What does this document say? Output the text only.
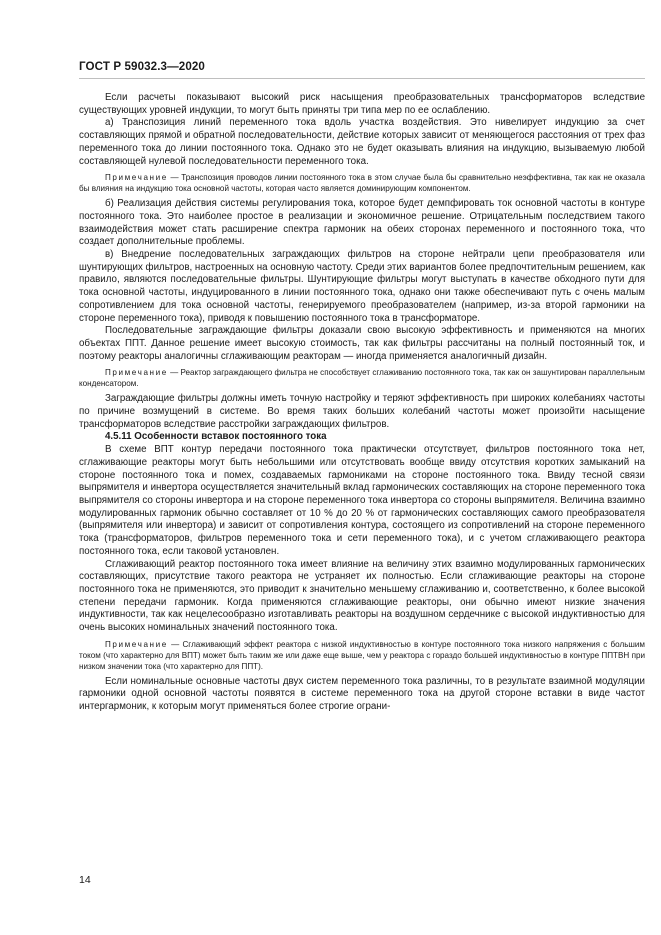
ГОСТ Р 59032.3—2020

Если расчеты показывают высокий риск насыщения преобразовательных трансформаторов вследствие существующих уровней индукции, то могут быть приняты три типа мер по ее ослаблению.

а) Транспозиция линий переменного тока вдоль участка воздействия. Это нивелирует индукцию за счет составляющих прямой и обратной последовательности, действие которых зависит от меняющегося расстояния от трех фаз переменного тока до линии постоянного тока. Однако это не будет оказывать влияния на индукцию, вызываемую любой составляющей нулевой последовательности переменного тока.

Примечание — Транспозиция проводов линии постоянного тока в этом случае была бы сравнительно неэффективна, так как не оказала бы влияния на индукцию тока основной частоты, которая часто является доминирующим компонентом.

б) Реализация действия системы регулирования тока, которое будет демпфировать ток основной частоты в контуре постоянного тока. Это наиболее простое в реализации и экономичное решение. Отрицательным последствием такого взаимодействия может стать расширение спектра гармоник на обеих сторонах переменного и постоянного тока, что создает дополнительные проблемы.

в) Внедрение последовательных заграждающих фильтров на стороне нейтрали цепи преобразователя или шунтирующих фильтров, настроенных на основную частоту. Среди этих вариантов более предпочтительным решением, как правило, являются последовательные фильтры. Шунтирующие фильтры могут выступать в качестве обходного пути для тока основной частоты, индуцированного в линии постоянного тока, однако они также обеспечивают путь с очень малым сопротивлением для тока основной частоты, генерируемого преобразователем (например, из-за второй гармоники на стороне переменного тока), приводя к повышению постоянного тока в трансформаторе.

Последовательные заграждающие фильтры доказали свою высокую эффективность и применяются на многих объектах ППТ. Данное решение имеет высокую стоимость, так как фильтры рассчитаны на полный постоянный ток, и поэтому реакторы аналогичны сглаживающим реакторам — иногда применяется аналогичный дизайн.

Примечание — Реактор заграждающего фильтра не способствует сглаживанию постоянного тока, так как он зашунтирован параллельным конденсатором.

Заграждающие фильтры должны иметь точную настройку и теряют эффективность при широких колебаниях частоты по причине возмущений в системе. Во время таких больших колебаний частоты может произойти насыщение трансформаторов вследствие расстройки заграждающих фильтров.

4.5.11 Особенности вставок постоянного тока

В схеме ВПТ контур передачи постоянного тока практически отсутствует, фильтров постоянного тока нет, сглаживающие реакторы могут быть небольшими или отсутствовать вообще ввиду отсутствия коротких замыканий на стороне постоянного тока и помех, создаваемых гармониками на стороне постоянного тока. Ввиду тесной связи выпрямителя и инвертора осуществляется значительный вклад гармонических составляющих на стороне переменного тока выпрямителя со стороны инвертора и на стороне переменного тока инвертора со стороны выпрямителя. Величина взаимно модулированных гармоник обычно составляет от 10 % до 20 % от гармонических составляющих самого преобразователя (выпрямителя или инвертора) и зависит от сопротивления контура, состоящего из сопротивлений на стороне переменного тока (трансформаторов, фильтров переменного тока и сети переменного тока), и с учетом сглаживающего реактора постоянного тока, если таковой установлен.

Сглаживающий реактор постоянного тока имеет влияние на величину этих взаимно модулированных гармонических составляющих, присутствие такого реактора не устраняет их полностью. Если сглаживающие реакторы на стороне постоянного тока не применяются, это приводит к значительно меньшему сглаживанию и, соответственно, к более высокой степени передачи гармоник. Когда применяются сглаживающие реакторы, они обычно имеют низкие значения индуктивности, так как нецелесообразно изготавливать реакторы на воздушном сердечнике с высокой индуктивностью для очень высоких номинальных значений постоянного тока.

Примечание — Сглаживающий эффект реактора с низкой индуктивностью в контуре постоянного тока низкого напряжения с большим током (что характерно для ВПТ) может быть таким же или даже еще выше, чем у реактора с гораздо большей индуктивностью в контуре ППТВН при низком значении тока (что характерно для ППТ).

Если номинальные основные частоты двух систем переменного тока различны, то в результате взаимной модуляции гармоники одной основной частоты появятся в системе переменного тока на другой стороне вставки в виде частот интергармоник, к которым могут применяться более строгие ограни-

14
